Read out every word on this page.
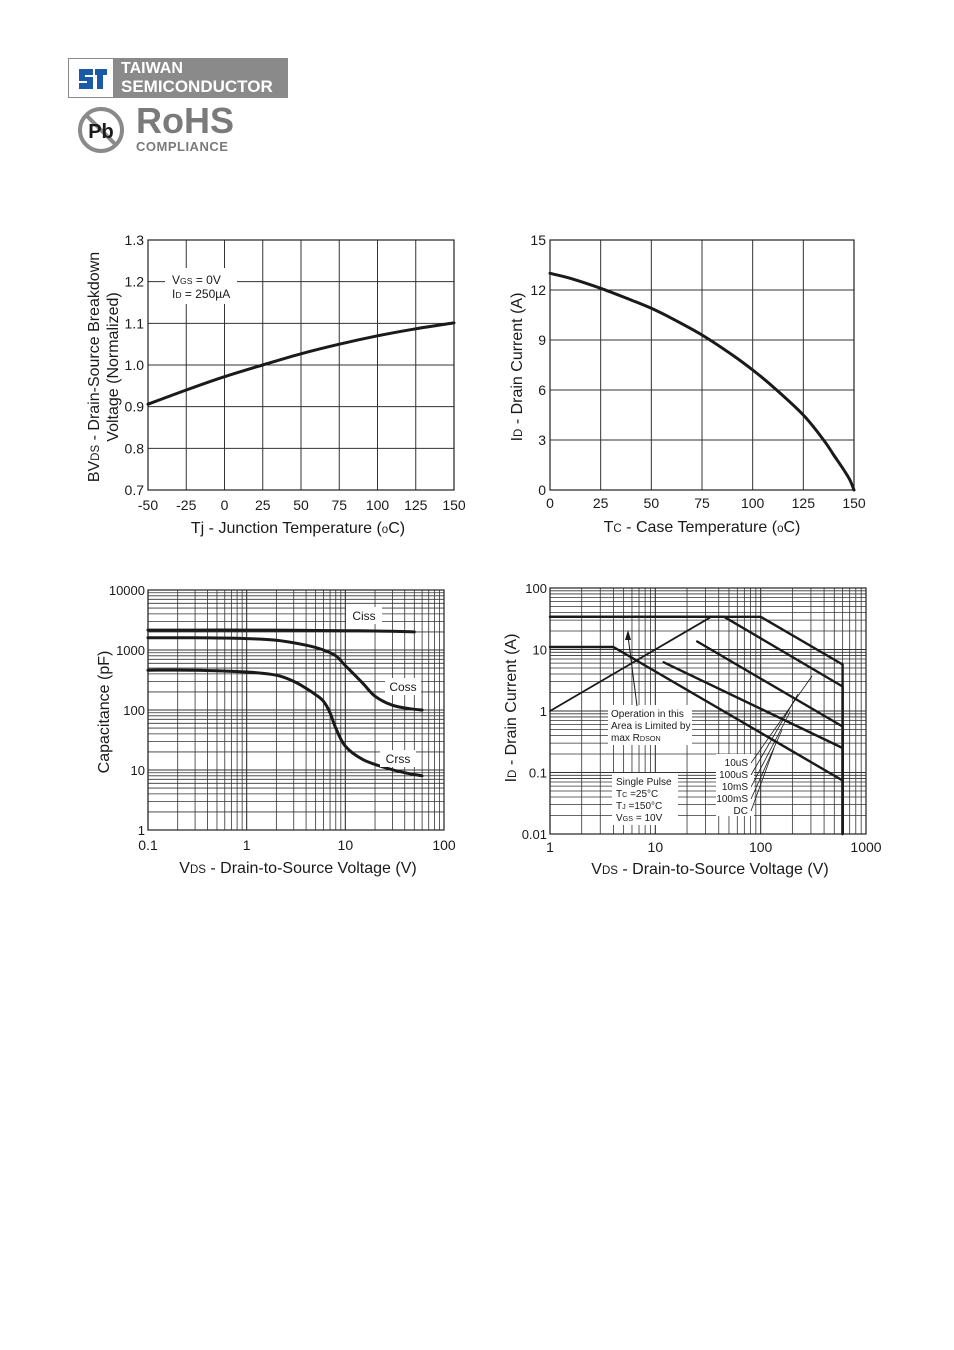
TAIWAN
SEMICONDUCTOR
Pb RoHS
COMPLIANCE
VGS = 0V
ID = 250µA
-50 -25 0 25 50 75 100 125 150
0.7
0.8
0.9
1.0
1.1
1.2
1.3
Tj - Junction Temperature (oC)
BVDS - Drain-Source Breakdown Voltage (Normalized)
0	25	50	75 100 125 150
0
3
6
9
12
15
TC - Case Temperature (oC)
ID - Drain Current (A)
Ciss
Coss
Crss
0.1	1	10	100
1
10
100
1000
10000
VDS - Drain-to-Source Voltage (V)
Capacitance (pF)	Operation in this
Area is Limited by
max RDSON
Single Pulse
TC =25°C
TJ =150°C
VGS = 10V
10uS
100uS
10mS
100mS
DC
1	10	100	1000
0.01
0.1
1
10
100
VDS - Drain-to-Source Voltage (V)
ID - Drain Current (A)
